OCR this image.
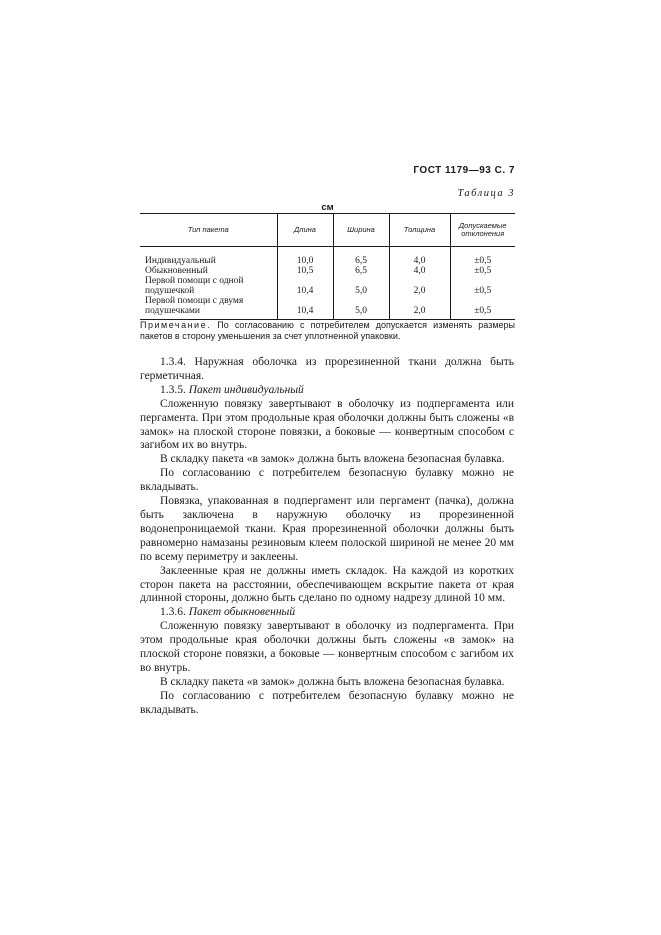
ГОСТ 1179—93 С. 7
Таблица 3
см
Тип пакета	Длина	Ширина	Толщина	Допускаемые отклонения
Индивидуальный	10,0	6,5	4,0	±0,5
Обыкновенный	10,5	6,5	4,0	±0,5
Первой помощи с одной подушечкой	10,4	5,0	2,0	±0,5
Первой помощи с двумя подушечками	10,4	5,0	2,0	±0,5
Примечание. По согласованию с потребителем допускается изменять размеры пакетов в сторону уменьшения за счет уплотненной упаковки.

1.3.4. Наружная оболочка из прорезиненной ткани должна быть герметичная.

1.3.5. Пакет индивидуальный

Сложенную повязку завертывают в оболочку из подпергамента или пергамента. При этом продольные края оболочки должны быть сложены «в замок» на плоской стороне повязки, а боковые — конвертным способом с загибом их во внутрь.

В складку пакета «в замок» должна быть вложена безопасная булавка.

По согласованию с потребителем безопасную булавку можно не вкладывать.

Повязка, упакованная в подпергамент или пергамент (пачка), должна быть заключена в наружную оболочку из прорезиненной водонепроницаемой ткани. Края прорезиненной оболочки должны быть равномерно намазаны резиновым клеем полоской шириной не менее 20 мм по всему периметру и заклеены.

Заклеенные края не должны иметь складок. На каждой из коротких сторон пакета на расстоянии, обеспечивающем вскрытие пакета от края длинной стороны, должно быть сделано по одному надрезу длиной 10 мм.

1.3.6. Пакет обыкновенный

Сложенную повязку завертывают в оболочку из подпергамента. При этом продольные края оболочки должны быть сложены «в замок» на плоской стороне повязки, а боковые — конвертным способом с загибом их во внутрь.

В складку пакета «в замок» должна быть вложена безопасная булавка.

По согласованию с потребителем безопасную булавку можно не вкладывать.
